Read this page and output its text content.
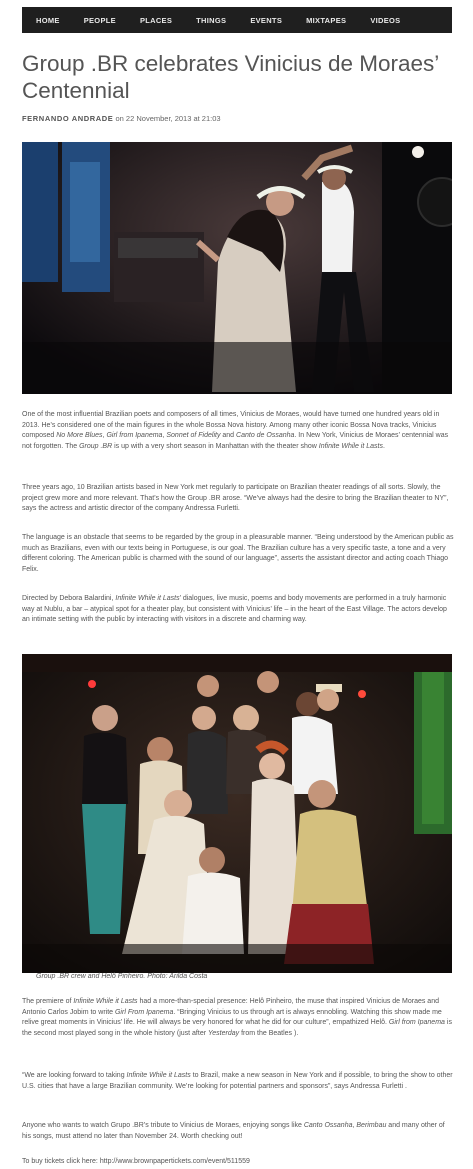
HOME	PEOPLE	PLACES	THINGS	EVENTS	MIXTAPES	VIDEOS
Group .BR celebrates Vinicius de Moraes’ Centennial
FERNANDO ANDRADE on 22 November, 2013 at 21:03

One of the most influential Brazilian poets and composers of all times, Vinicius de Moraes, would have turned one hundred years old in 2013. He’s considered one of the main figures in the whole Bossa Nova history. Among many other iconic Bossa Nova tracks, Vinicius composed No More Blues, Girl from Ipanema, Sonnet of Fidelity and Canto de Ossanha. In New York, Vinicius de Moraes’ centennial was not forgotten. The Group .BR is up with a very short season in Manhattan with the theater show Infinite While it Lasts.

Three years ago, 10 Brazilian artists based in New York met regularly to participate on Brazilian theater readings of all sorts. Slowly, the project grew more and more relevant. That’s how the Group .BR arose. “We’ve always had the desire to bring the Brazilian theater to NY”, says the actress and artistic director of the company Andressa Furletti.

The language is an obstacle that seems to be regarded by the group in a pleasurable manner. “Being understood by the American public as much as Brazilians, even with our texts being in Portuguese, is our goal. The Brazilian culture has a very specific taste, a tone and a very different coloring. The American public is charmed with the sound of our language”, asserts the assistant director and acting coach Thiago Felix.

Directed by Debora Balardini, Infinite While it Lasts’ dialogues, live music, poems and body movements are performed in a truly harmonic way at Nublu, a bar – atypical spot for a theater play, but consistent with Vinicius’ life – in the heart of the East Village. The actors develop an intimate setting with the public by interacting with visitors in a discrete and charming way.

Group .BR crew and Helô Pinheiro. Photo: Arilda Costa

The premiere of Infinite While it Lasts had a more-than-special presence: Helô Pinheiro, the muse that inspired Vinicius de Moraes and Antonio Carlos Jobim to write Girl From Ipanema. “Bringing Vinicius to us through art is always ennobling. Watching this show made me relive great moments in Vinicius’ life. He will always be very honored for what he did for our culture”, empathized Helô. Girl from Ipanema is the second most played song in the whole history (just after Yesterday from the Beatles ).

“We are looking forward to taking Infinite While it Lasts to Brazil, make a new season in New York and if possible, to bring the show to other U.S. cities that have a large Brazilian community. We’re looking for potential partners and sponsors”, says Andressa Furletti .

Anyone who wants to watch Grupo .BR’s tribute to Vinicius de Moraes, enjoying songs like Canto Ossanha, Berimbau and many other of his songs, must attend no later than November 24. Worth checking out!

To buy tickets click here: http://www.brownpapertickets.com/event/511559
